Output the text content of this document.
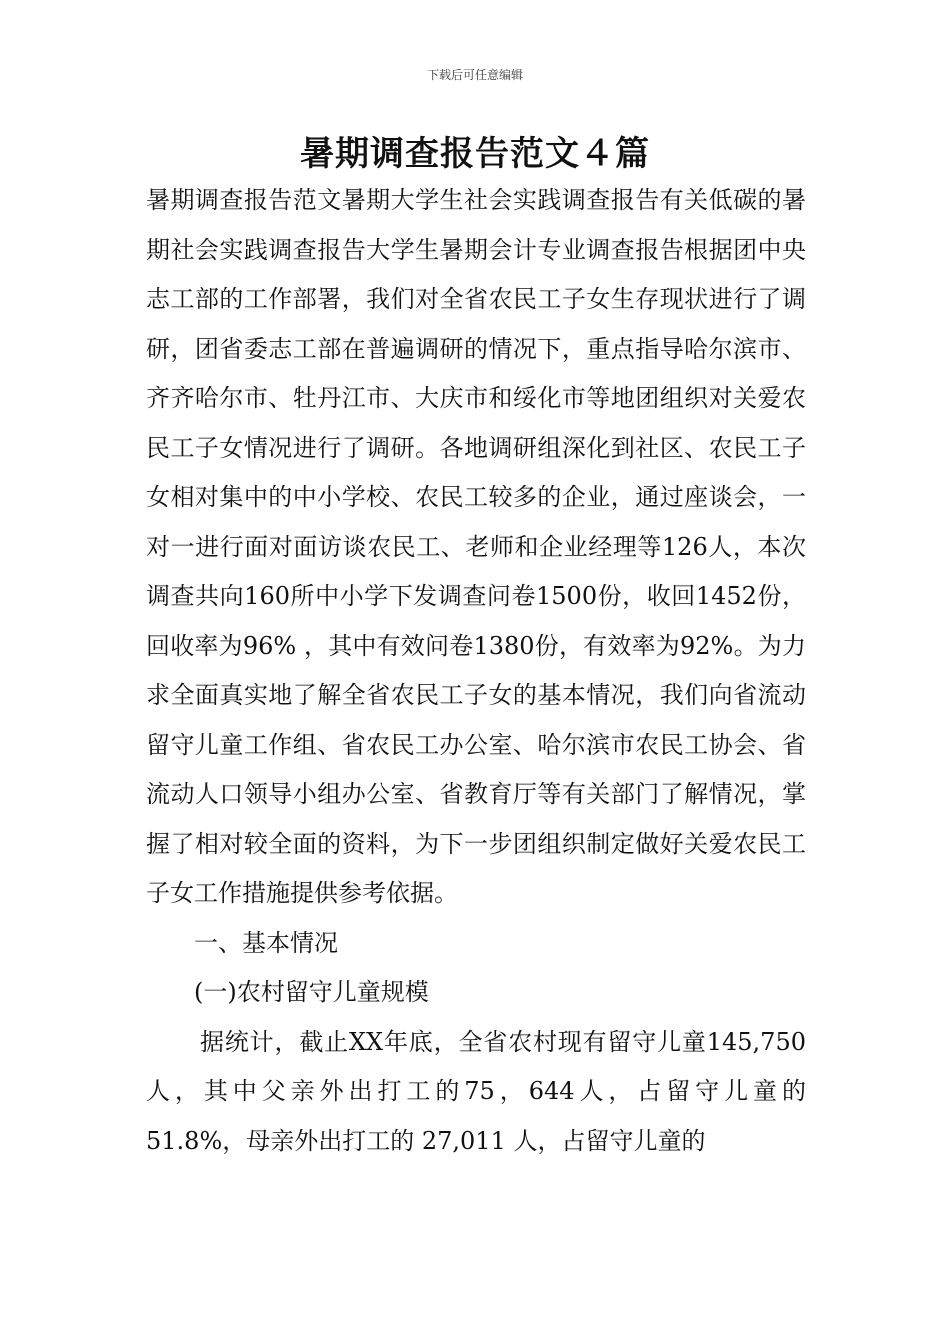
下载后可任意编辑
暑期调查报告范文４篇

暑期调查报告范文暑期大学生社会实践调查报告有关低碳的暑期社会实践调查报告大学生暑期会计专业调查报告根据团中央志工部的工作部署，我们对全省农民工子女生存现状进行了调研，团省委志工部在普遍调研的情况下，重点指导哈尔滨市、齐齐哈尔市、牡丹江市、大庆市和绥化市等地团组织对关爱农民工子女情况进行了调研。各地调研组深化到社区、农民工子女相对集中的中小学校、农民工较多的企业，通过座谈会，一对一进行面对面访谈农民工、老师和企业经理等126人，本次调查共向160所中小学下发调查问卷1500份，收回1452份，回收率为96% ，其中有效问卷1380份，有效率为92%。为力求全面真实地了解全省农民工子女的基本情况，我们向省流动留守儿童工作组、省农民工办公室、哈尔滨市农民工协会、省流动人口领导小组办公室、省教育厅等有关部门了解情况，掌握了相对较全面的资料，为下一步团组织制定做好关爱农民工子女工作措施提供参考依据。

一、基本情况

(一)农村留守儿童规模

据统计，截止XX年底，全省农村现有留守儿童145,750人，其中父亲外出打工的75，644人，占留守儿童的 51.8%，母亲外出打工的 27,011 人，占留守儿童的
